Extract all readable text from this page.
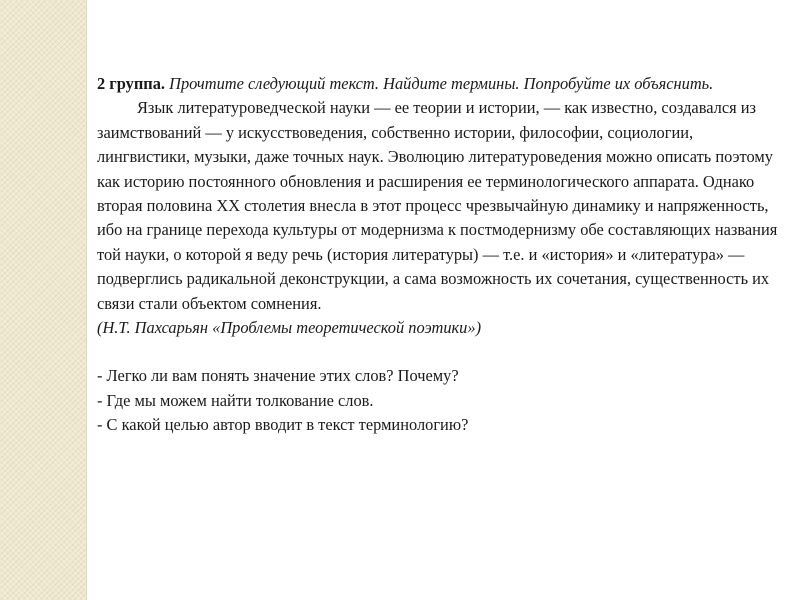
2 группа. Прочтите следующий текст. Найдите термины. Попробуйте их объяснить.

Язык литературоведческой науки — ее теории и истории, — как известно, создавался из заимствований — у искусствоведения, собственно истории, философии, социологии, лингвистики, музыки, даже точных наук. Эволюцию литературоведения можно описать поэтому как историю постоянного обновления и расширения ее терминологического аппарата. Однако вторая половина ХХ столетия внесла в этот процесс чрезвычайную динамику и напряженность, ибо на границе перехода культуры от модернизма к постмодернизму обе составляющих названия той науки, о которой я веду речь (история литературы) — т.е. и «история» и «литература» — подверглись радикальной деконструкции, а сама возможность их сочетания, существенность их связи стали объектом сомнения.

(Н.Т. Пахсарьян «Проблемы теоретической поэтики»)

- Легко ли вам понять значение этих слов? Почему?
- Где мы можем найти толкование слов.
- С какой целью автор вводит в текст терминологию?
